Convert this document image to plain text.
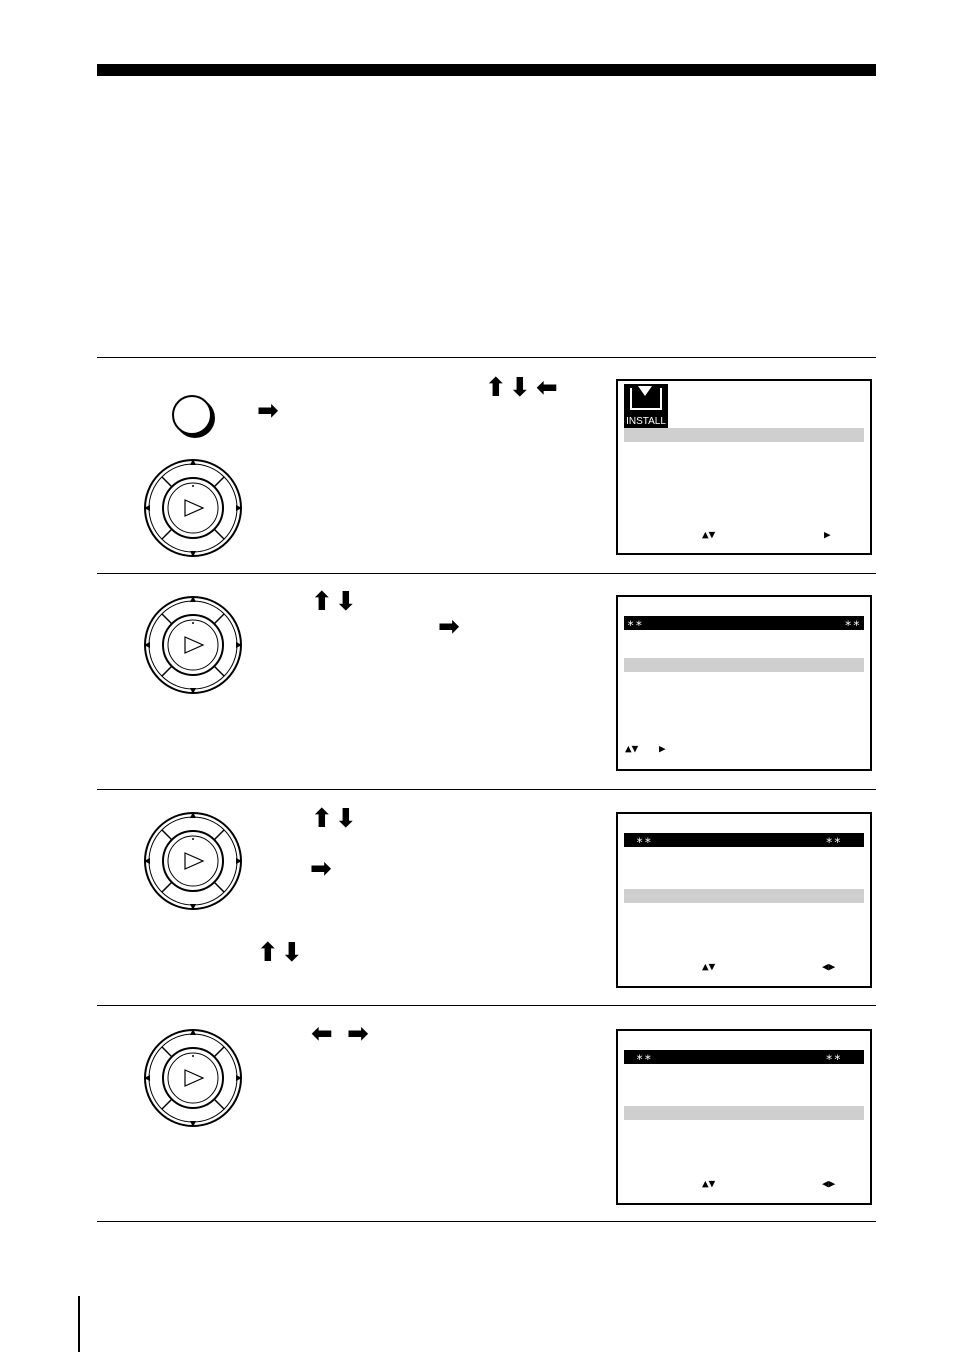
➡
⬆ ⬇ ⬅
INSTALL
▲▼	▶
⬆ ⬇
➡	∗∗	∗∗
▲▼ ▶
⬆ ⬇
➡
⬆ ⬇
∗∗	∗∗
▲▼	◀▶
⬅ ➡
∗∗	∗∗
▲▼	◀▶
